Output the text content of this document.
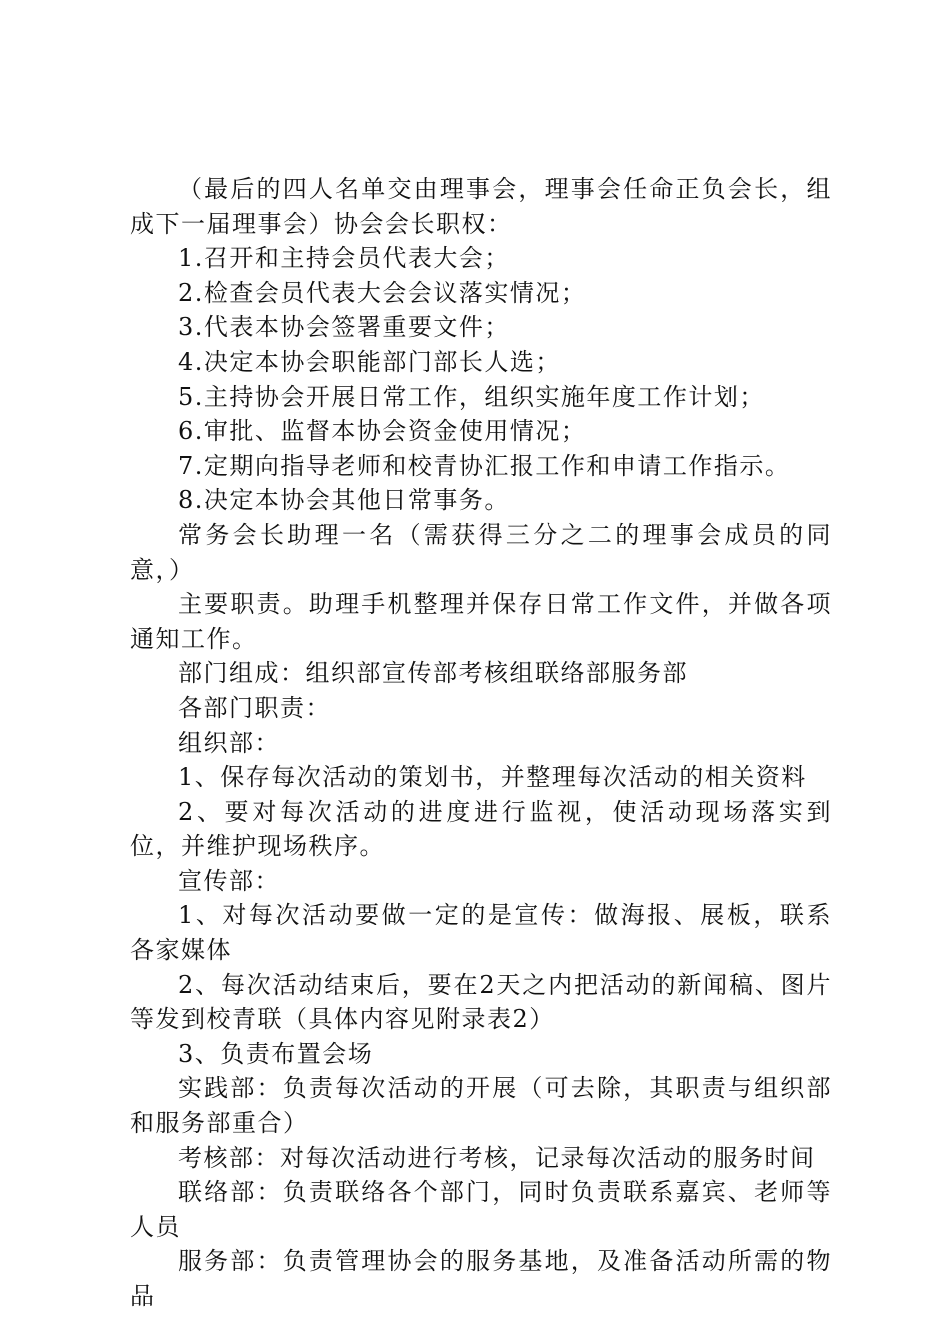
（最后的四人名单交由理事会，理事会任命正负会长，组成下一届理事会）协会会长职权：

1.召开和主持会员代表大会；

2.检查会员代表大会会议落实情况；

3.代表本协会签署重要文件；

4.决定本协会职能部门部长人选；

5.主持协会开展日常工作，组织实施年度工作计划；

6.审批、监督本协会资金使用情况；

7.定期向指导老师和校青协汇报工作和申请工作指示。

8.决定本协会其他日常事务。

常务会长助理一名（需获得三分之二的理事会成员的同意，）

主要职责。助理手机整理并保存日常工作文件，并做各项通知工作。

部门组成：组织部宣传部考核组联络部服务部

各部门职责：

组织部：

1、保存每次活动的策划书，并整理每次活动的相关资料

2、要对每次活动的进度进行监视，使活动现场落实到位，并维护现场秩序。

宣传部：

1、对每次活动要做一定的是宣传：做海报、展板，联系各家媒体

2、每次活动结束后，要在2天之内把活动的新闻稿、图片等发到校青联（具体内容见附录表2）

3、负责布置会场

实践部：负责每次活动的开展（可去除，其职责与组织部和服务部重合）

考核部：对每次活动进行考核，记录每次活动的服务时间

联络部：负责联络各个部门，同时负责联系嘉宾、老师等人员

服务部：负责管理协会的服务基地，及准备活动所需的物品
